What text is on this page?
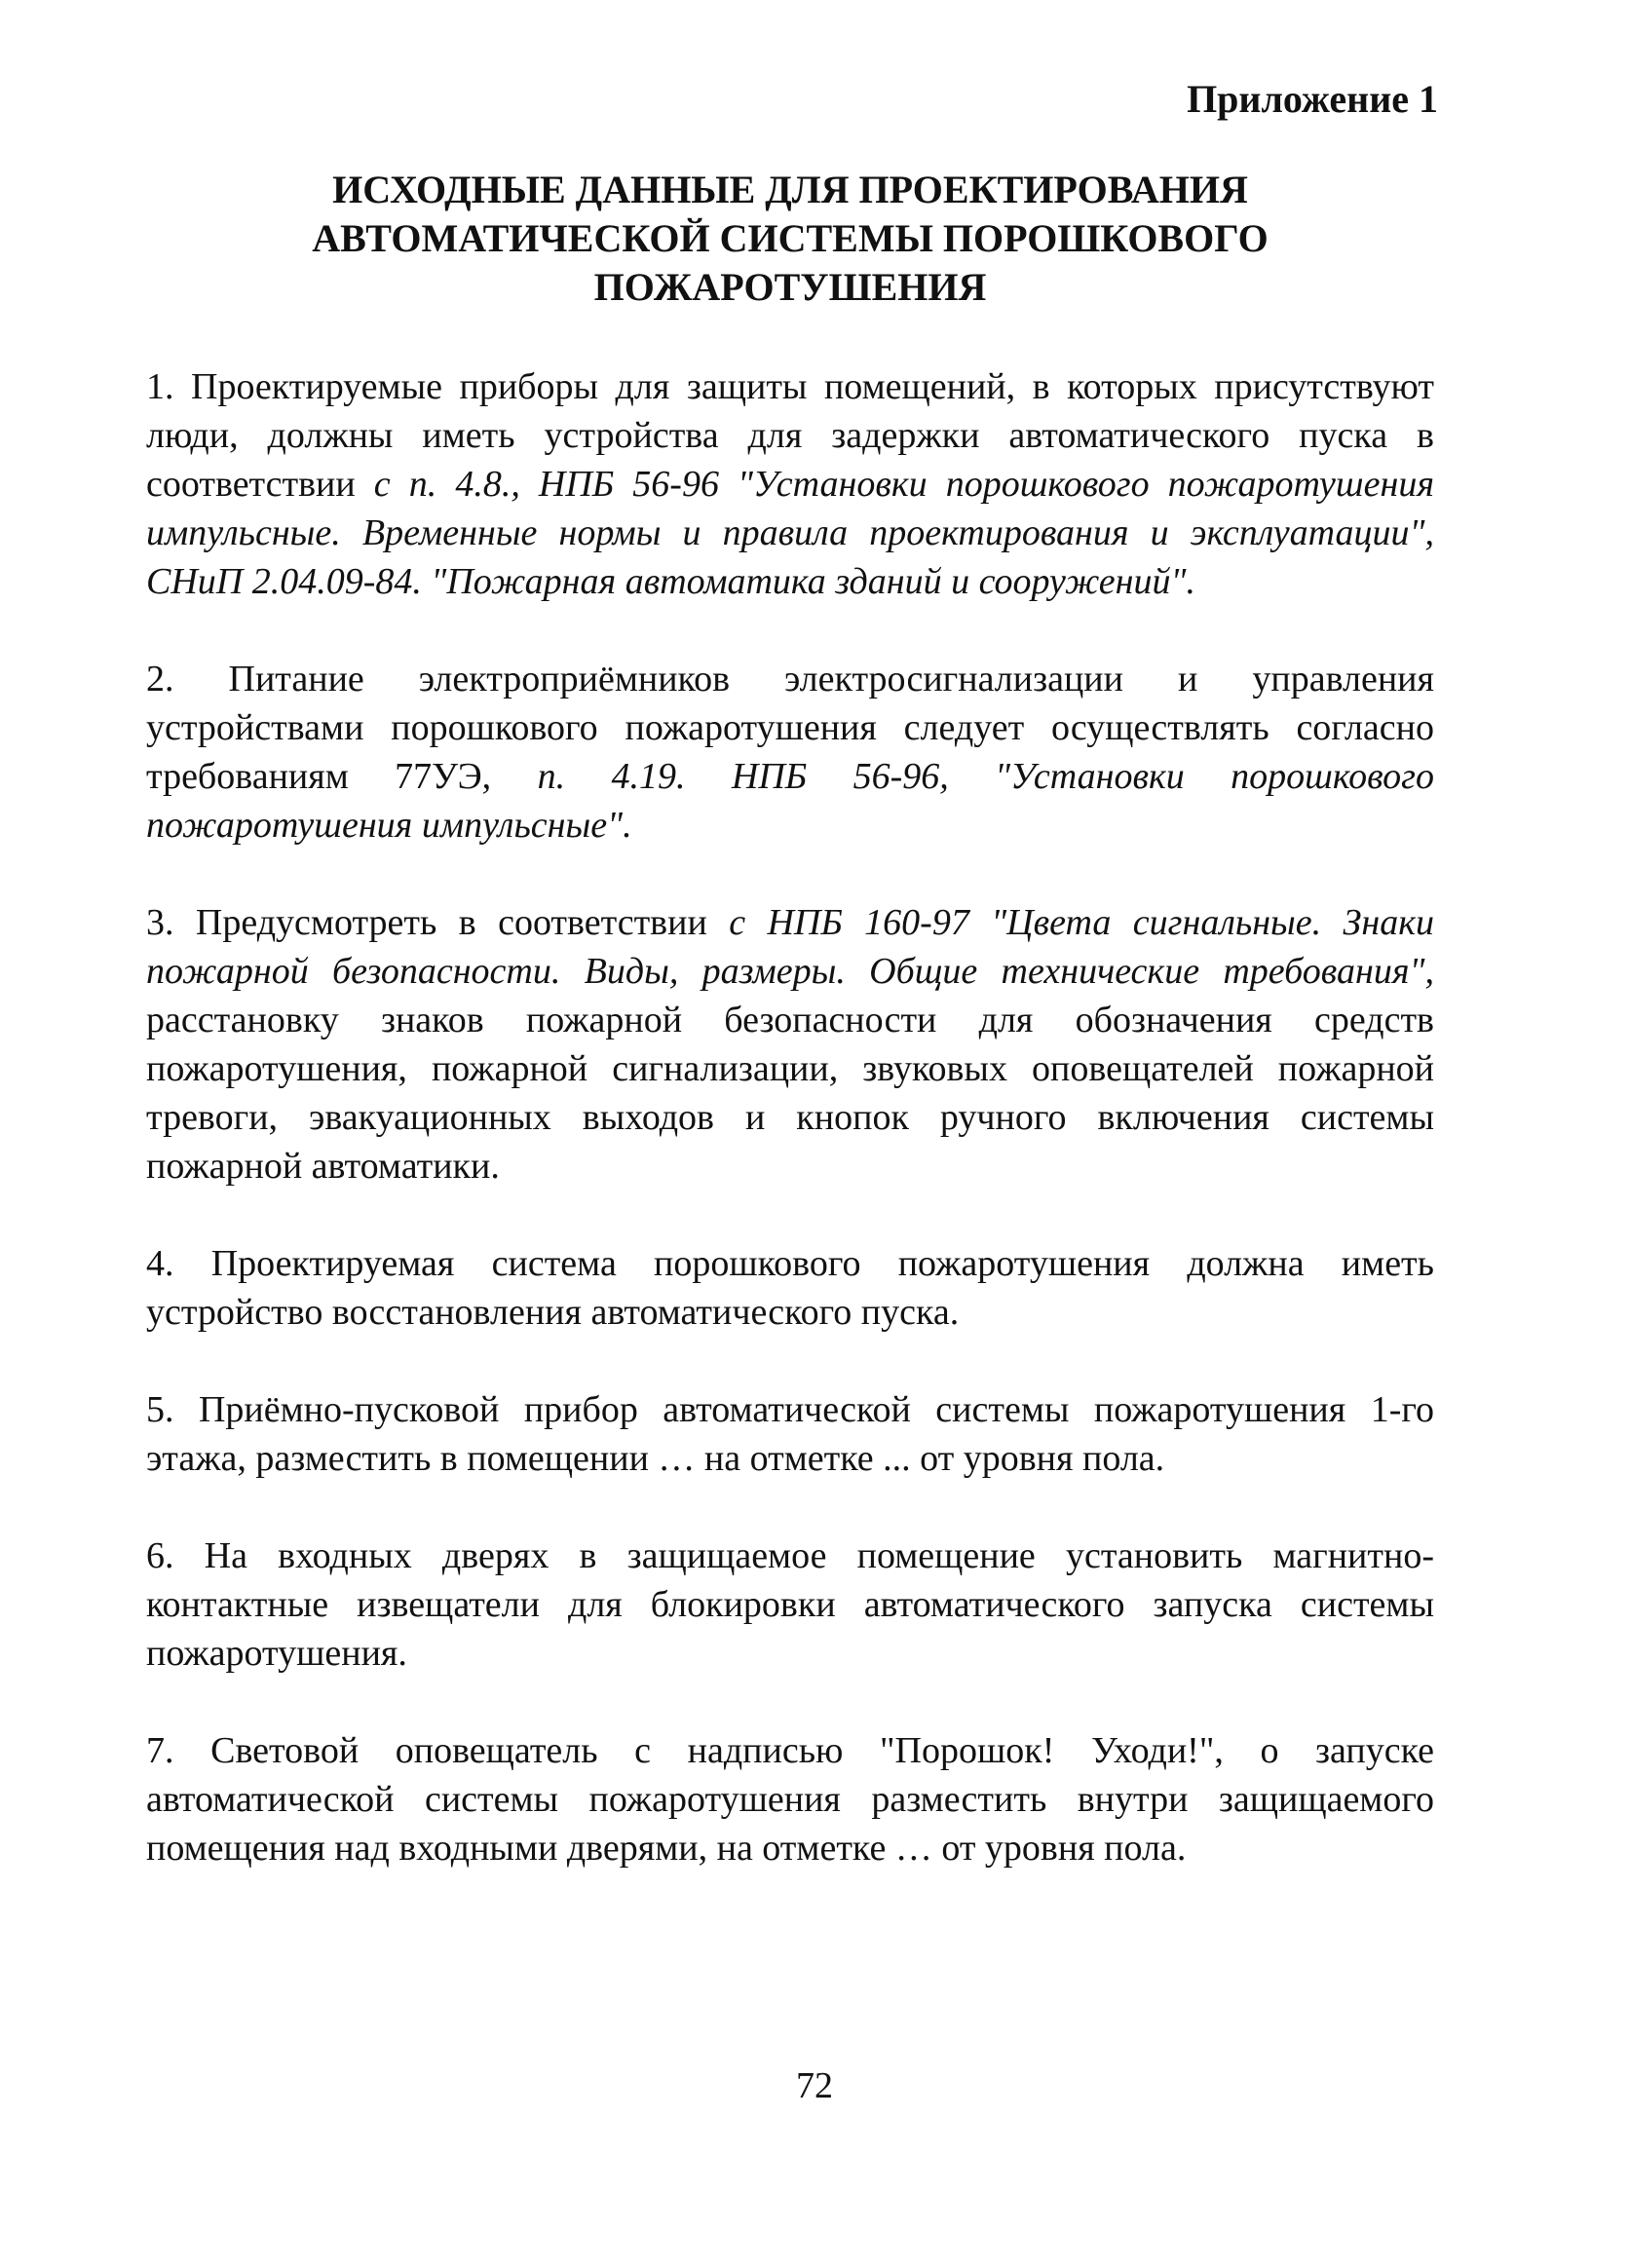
Приложение 1
ИСХОДНЫЕ ДАННЫЕ ДЛЯ ПРОЕКТИРОВАНИЯ
АВТОМАТИЧЕСКОЙ СИСТЕМЫ ПОРОШКОВОГО
ПОЖАРОТУШЕНИЯ

1. Проектируемые приборы для защиты помещений, в которых присутствуют люди, должны иметь устройства для задержки автоматического пуска в соответствии с п. 4.8., НПБ 56-96 "Установки порошкового пожаротушения импульсные. Временные нормы и правила проектирования и эксплуатации", СНиП 2.04.09-84. "Пожарная автоматика зданий и сооружений".

2. Питание электроприёмников электросигнализации и управления устройствами порошкового пожаротушения следует осуществлять согласно требованиям 77УЭ, п. 4.19. НПБ 56-96, "Установки порошкового пожаротушения импульсные".

3. Предусмотреть в соответствии с НПБ 160-97 "Цвета сигнальные. Знаки пожарной безопасности. Виды, размеры. Общие технические требования", расстановку знаков пожарной безопасности для обозначения средств пожаротушения, пожарной сигнализации, звуковых оповещателей пожарной тревоги, эвакуационных выходов и кнопок ручного включения системы пожарной автоматики.

4. Проектируемая система порошкового пожаротушения должна иметь устройство восстановления автоматического пуска.

5. Приёмно-пусковой прибор автоматической системы пожаротушения 1-го этажа, разместить в помещении … на отметке ... от уровня пола.

6. На входных дверях в защищаемое помещение установить магнитно-контактные извещатели для блокировки автоматического запуска системы пожаротушения.

7. Световой оповещатель с надписью "Порошок! Уходи!", о запуске автоматической системы пожаротушения разместить внутри защищаемого помещения над входными дверями, на отметке … от уровня пола.

72
